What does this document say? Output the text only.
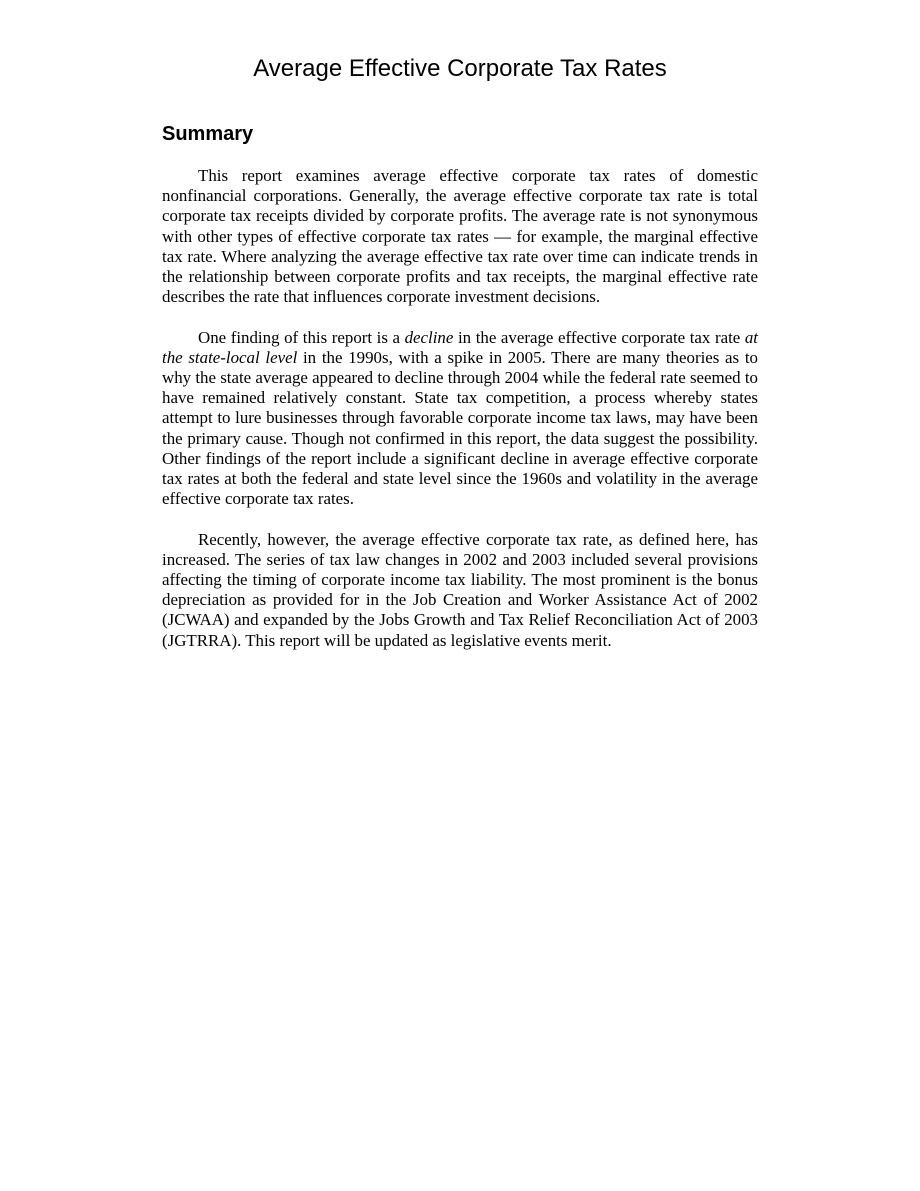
Average Effective Corporate Tax Rates
Summary

This report examines average effective corporate tax rates of domestic nonfinancial corporations. Generally, the average effective corporate tax rate is total corporate tax receipts divided by corporate profits. The average rate is not synonymous with other types of effective corporate tax rates — for example, the marginal effective tax rate. Where analyzing the average effective tax rate over time can indicate trends in the relationship between corporate profits and tax receipts, the marginal effective rate describes the rate that influences corporate investment decisions.

One finding of this report is a decline in the average effective corporate tax rate at the state-local level in the 1990s, with a spike in 2005. There are many theories as to why the state average appeared to decline through 2004 while the federal rate seemed to have remained relatively constant. State tax competition, a process whereby states attempt to lure businesses through favorable corporate income tax laws, may have been the primary cause. Though not confirmed in this report, the data suggest the possibility. Other findings of the report include a significant decline in average effective corporate tax rates at both the federal and state level since the 1960s and volatility in the average effective corporate tax rates.

Recently, however, the average effective corporate tax rate, as defined here, has increased. The series of tax law changes in 2002 and 2003 included several provisions affecting the timing of corporate income tax liability. The most prominent is the bonus depreciation as provided for in the Job Creation and Worker Assistance Act of 2002 (JCWAA) and expanded by the Jobs Growth and Tax Relief Reconciliation Act of 2003 (JGTRRA). This report will be updated as legislative events merit.
